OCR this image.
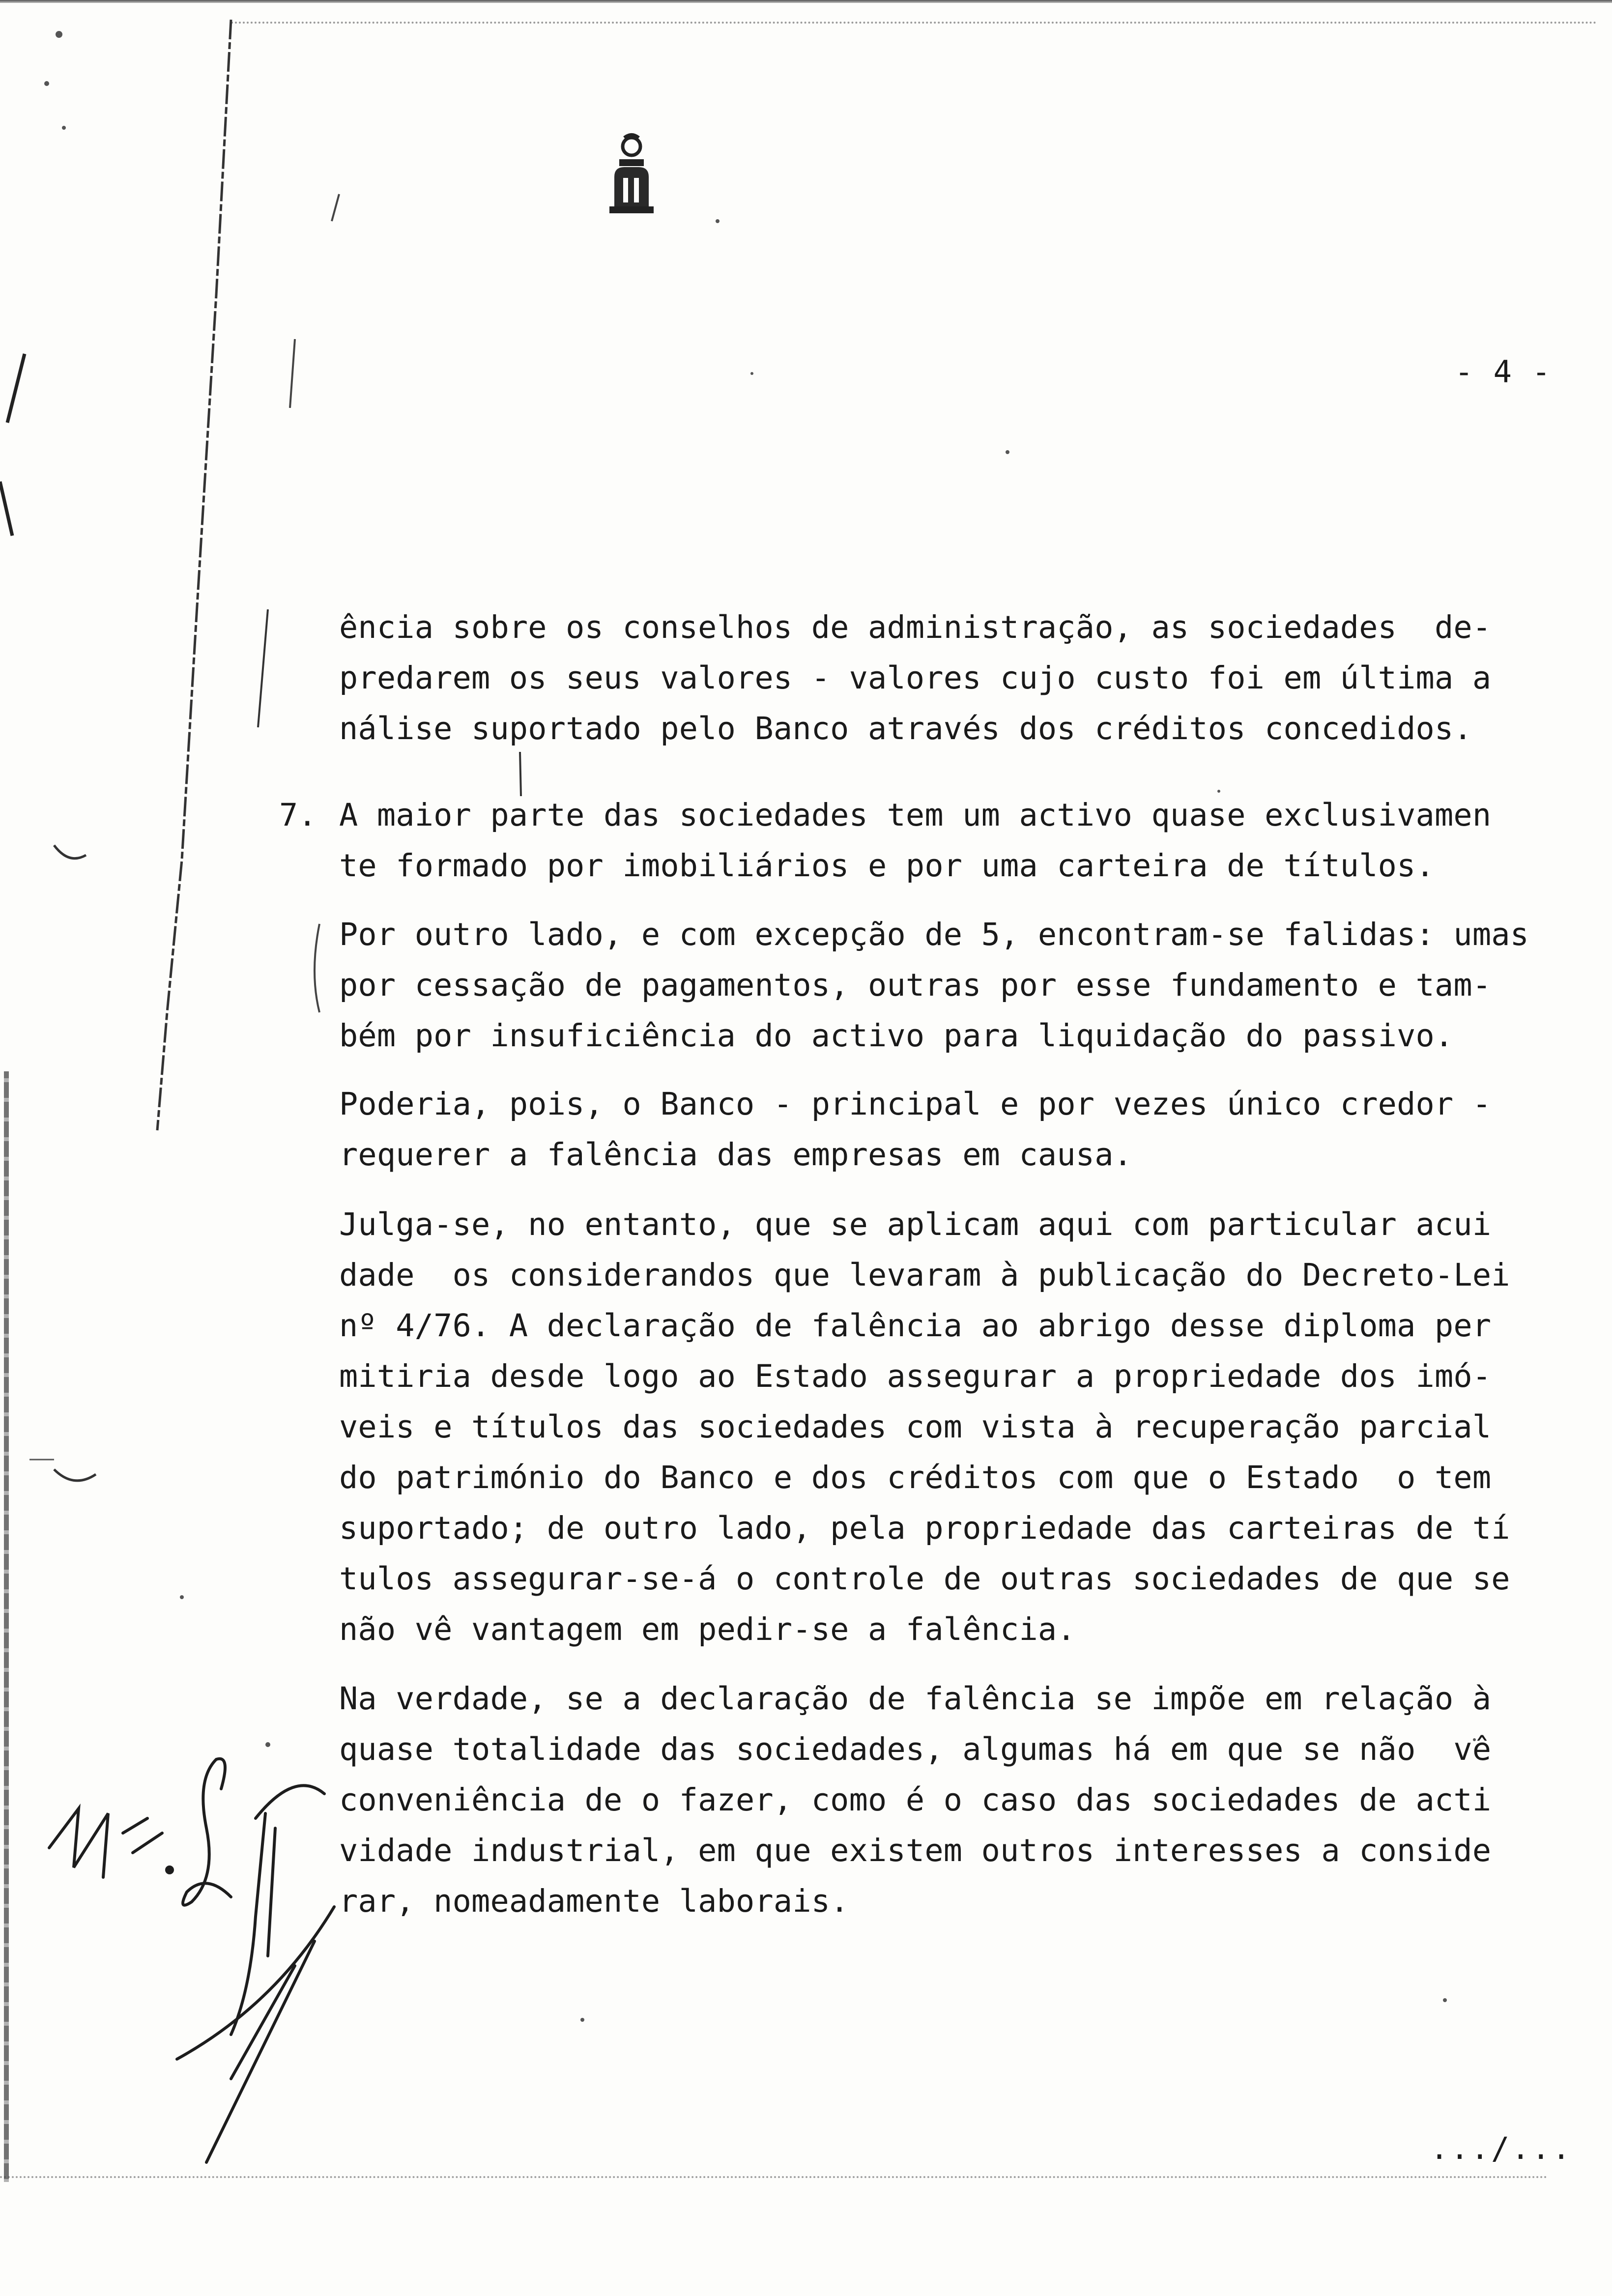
- 4 -
ência sobre os conselhos de administração, as sociedades  de-
predarem os seus valores - valores cujo custo foi em última a
nálise suportado pelo Banco através dos créditos concedidos.
7. A maior parte das sociedades tem um activo quase exclusivamen
te formado por imobiliários e por uma carteira de títulos.
Por outro lado, e com excepção de 5, encontram-se falidas: umas
por cessação de pagamentos, outras por esse fundamento e tam-
bém por insuficiência do activo para liquidação do passivo.
Poderia, pois, o Banco - principal e por vezes único credor -
requerer a falência das empresas em causa.
Julga-se, no entanto, que se aplicam aqui com particular acui
dade  os considerandos que levaram à publicação do Decreto-Lei
nº 4/76. A declaração de falência ao abrigo desse diploma per
mitiria desde logo ao Estado assegurar a propriedade dos imó-
veis e títulos das sociedades com vista à recuperação parcial
do património do Banco e dos créditos com que o Estado  o tem
suportado; de outro lado, pela propriedade das carteiras de tí
tulos assegurar-se-á o controle de outras sociedades de que se
não vê vantagem em pedir-se a falência.
Na verdade, se a declaração de falência se impõe em relação à
quase totalidade das sociedades, algumas há em que se não  vê
conveniência de o fazer, como é o caso das sociedades de acti
vidade industrial, em que existem outros interesses a conside
rar, nomeadamente laborais.
.../...
